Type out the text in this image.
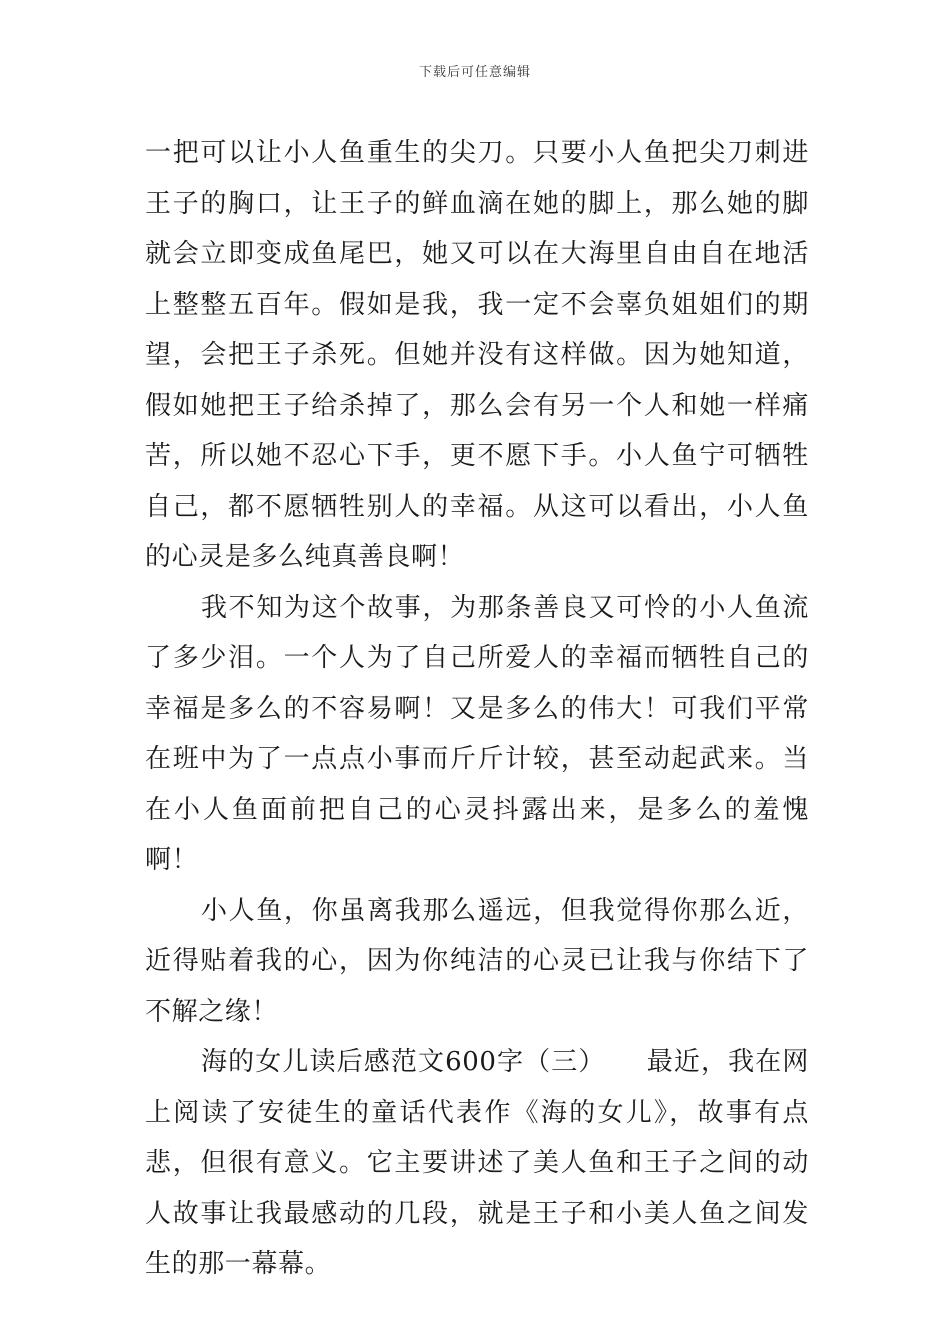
下载后可任意编辑

一把可以让小人鱼重生的尖刀。只要小人鱼把尖刀刺进王子的胸口，让王子的鲜血滴在她的脚上，那么她的脚就会立即变成鱼尾巴，她又可以在大海里自由自在地活上整整五百年。假如是我，我一定不会辜负姐姐们的期望，会把王子杀死。但她并没有这样做。因为她知道，假如她把王子给杀掉了，那么会有另一个人和她一样痛苦，所以她不忍心下手，更不愿下手。小人鱼宁可牺牲自己，都不愿牺牲别人的幸福。从这可以看出，小人鱼的心灵是多么纯真善良啊！

我不知为这个故事，为那条善良又可怜的小人鱼流了多少泪。一个人为了自己所爱人的幸福而牺牲自己的幸福是多么的不容易啊！又是多么的伟大！可我们平常在班中为了一点点小事而斤斤计较，甚至动起武来。当在小人鱼面前把自己的心灵抖露出来，是多么的羞愧啊！

小人鱼，你虽离我那么遥远，但我觉得你那么近，近得贴着我的心，因为你纯洁的心灵已让我与你结下了不解之缘！

海的女儿读后感范文600字（三）　　最近，我在网上阅读了安徒生的童话代表作《海的女儿》，故事有点悲，但很有意义。它主要讲述了美人鱼和王子之间的动人故事让我最感动的几段，就是王子和小美人鱼之间发生的那一幕幕。
